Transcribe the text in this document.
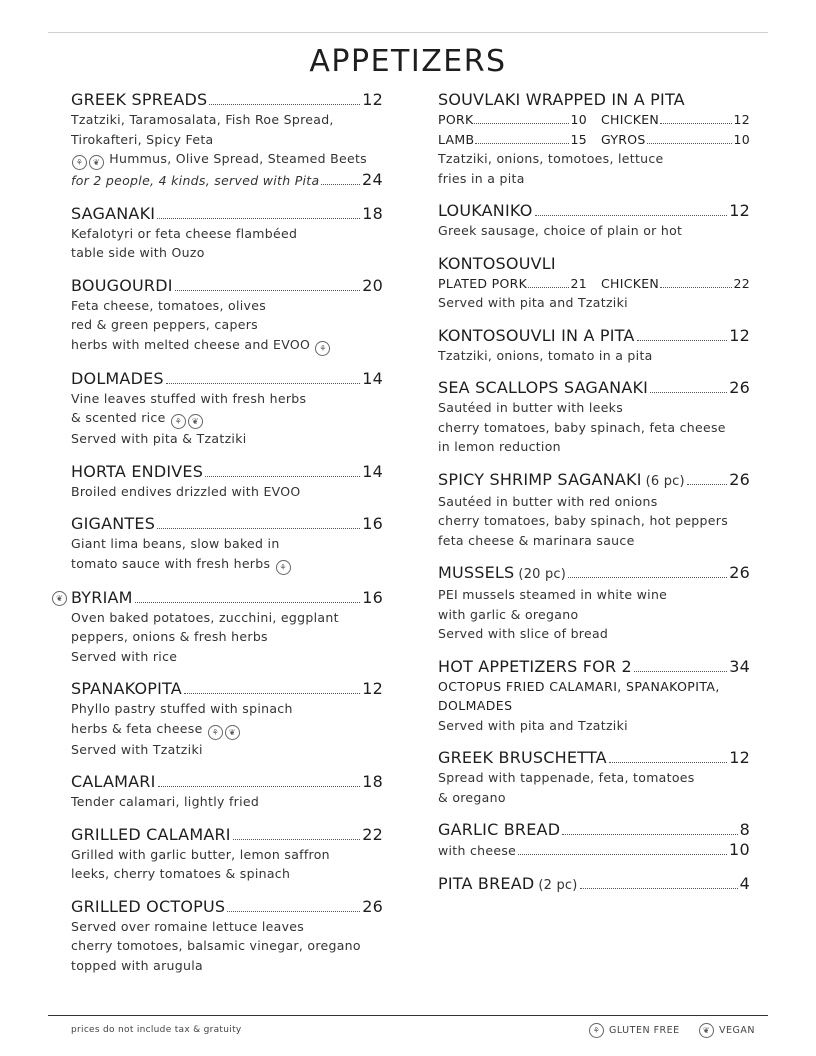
APPETIZERS
GREEK SPREADS	12
Tzatziki, Taramosalata, Fish Roe Spread,
Tirokafteri, Spicy Feta
⚘ ❦ Hummus, Olive Spread, Steamed Beets
for 2 people, 4 kinds, served with Pita	24
SAGANAKI	18
Kefalotyri or feta cheese flambéed
table side with Ouzo
BOUGOURDI	20
Feta cheese, tomatoes, olives
red & green peppers, capers
herbs with melted cheese and EVOO ⚘
DOLMADES	14
Vine leaves stuffed with fresh herbs
& scented rice ⚘ ❦
Served with pita & Tzatziki
HORTA ENDIVES	14
Broiled endives drizzled with EVOO
GIGANTES	16
Giant lima beans, slow baked in
tomato sauce with fresh herbs ⚘
❦ BYRIAM	16
Oven baked potatoes, zucchini, eggplant
peppers, onions & fresh herbs
Served with rice
SPANAKOPITA	12
Phyllo pastry stuffed with spinach
herbs & feta cheese ⚘ ❦
Served with Tzatziki
CALAMARI	18
Tender calamari, lightly fried
GRILLED CALAMARI	22
Grilled with garlic butter, lemon saffron
leeks, cherry tomatoes & spinach
GRILLED OCTOPUS	26
Served over romaine lettuce leaves
cherry tomotoes, balsamic vinegar, oregano
topped with arugula
SOUVLAKI WRAPPED IN A PITA
PORK	10 CHICKEN	12
LAMB	15 GYROS	10
Tzatziki, onions, tomotoes, lettuce
fries in a pita
LOUKANIKO	12
Greek sausage, choice of plain or hot
KONTOSOUVLI
PLATED PORK	21 CHICKEN	22
Served with pita and Tzatziki
KONTOSOUVLI IN A PITA	12
Tzatziki, onions, tomato in a pita
SEA SCALLOPS SAGANAKI	26
Sautéed in butter with leeks
cherry tomatoes, baby spinach, feta cheese
in lemon reduction
SPICY SHRIMP SAGANAKI (6 pc)	26
Sautéed in butter with red onions
cherry tomatoes, baby spinach, hot peppers
feta cheese & marinara sauce
MUSSELS (20 pc)	26
PEI mussels steamed in white wine
with garlic & oregano
Served with slice of bread
HOT APPETIZERS FOR 2	34
OCTOPUS FRIED CALAMARI, SPANAKOPITA,
DOLMADES
Served with pita and Tzatziki
GREEK BRUSCHETTA	12
Spread with tappenade, feta, tomatoes
& oregano
GARLIC BREAD	8
with cheese	10
PITA BREAD (2 pc)	4
prices do not include tax & gratuity	⚘ GLUTEN FREE	❦ VEGAN
